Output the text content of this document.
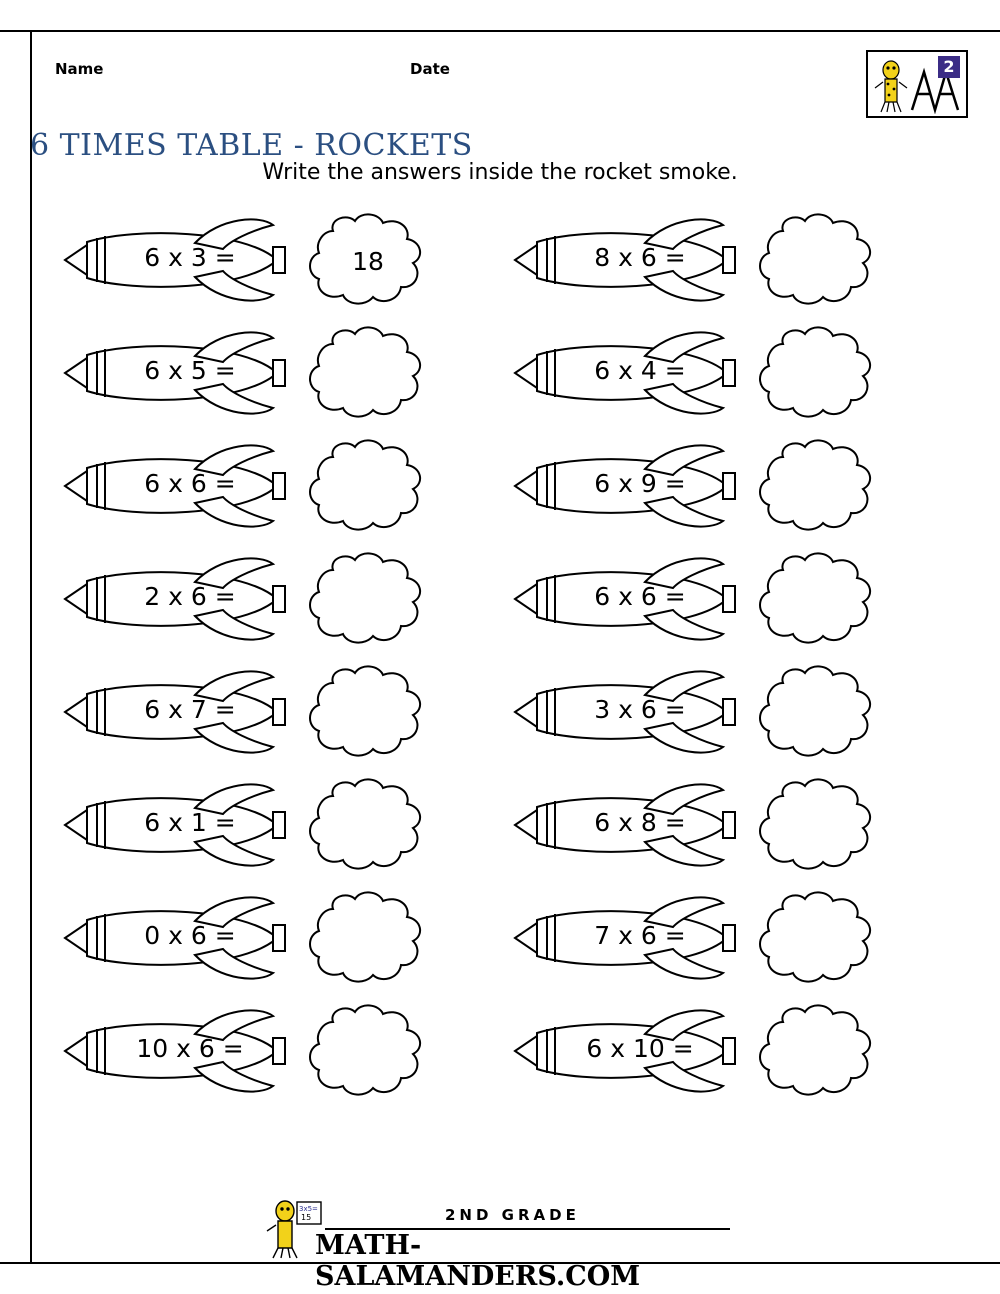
Name	Date
6 TIMES TABLE - ROCKETS
Write the answers inside the rocket smoke.
2
6 x 3 =	18
6 x 5 =
6 x 6 =
2 x 6 =
6 x 7 =
6 x 1 =
0 x 6 =
10 x 6 =
8 x 6 =
6 x 4 =
6 x 9 =
6 x 6 =
3 x 6 =
6 x 8 =
7 x 6 =
6 x 10 =
3x5=
15	2ND GRADE
MATH-SALAMANDERS.COM
